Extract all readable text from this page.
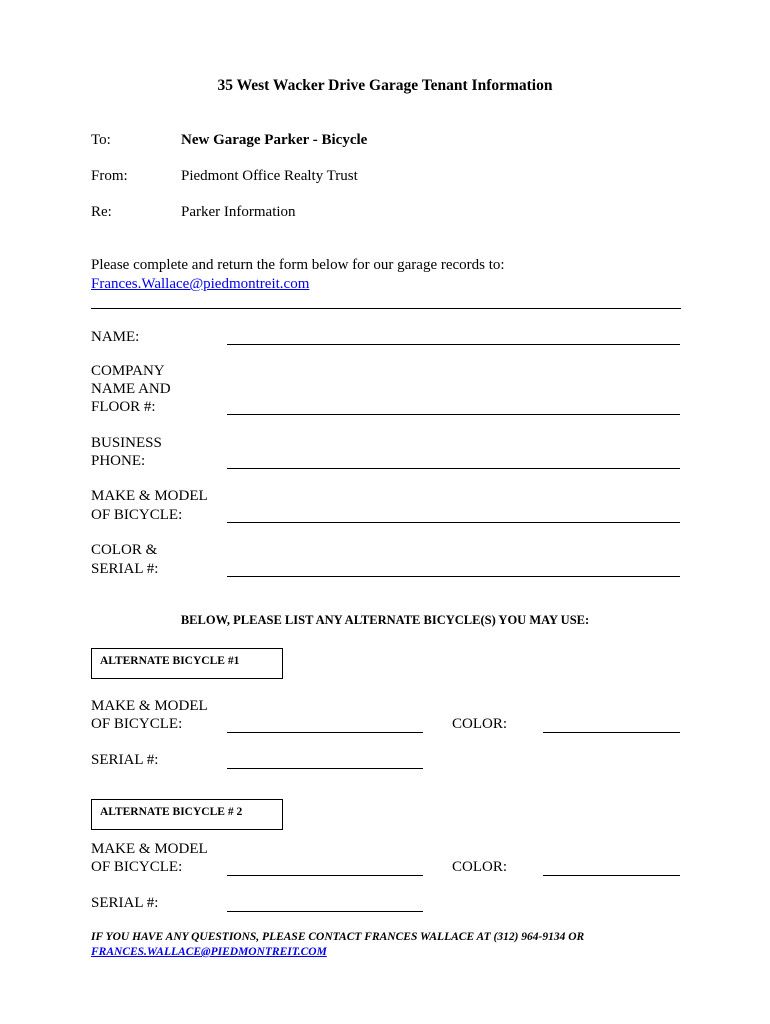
35 West Wacker Drive Garage Tenant Information
To:	New Garage Parker - Bicycle
From:	Piedmont Office Realty Trust
Re:	Parker Information
Please complete and return the form below for our garage records to:
Frances.Wallace@piedmontreit.com
NAME:
COMPANY
NAME AND
FLOOR #:
BUSINESS
PHONE:
MAKE & MODEL
OF BICYCLE:
COLOR &
SERIAL #:
BELOW, PLEASE LIST ANY ALTERNATE BICYCLE(S) YOU MAY USE:
ALTERNATE BICYCLE #1
MAKE & MODEL
OF BICYCLE:	COLOR:
SERIAL #:
ALTERNATE BICYCLE # 2
MAKE & MODEL
OF BICYCLE:	COLOR:
SERIAL #:
IF YOU HAVE ANY QUESTIONS, PLEASE CONTACT FRANCES WALLACE AT (312) 964-9134 OR
FRANCES.WALLACE@PIEDMONTREIT.COM
